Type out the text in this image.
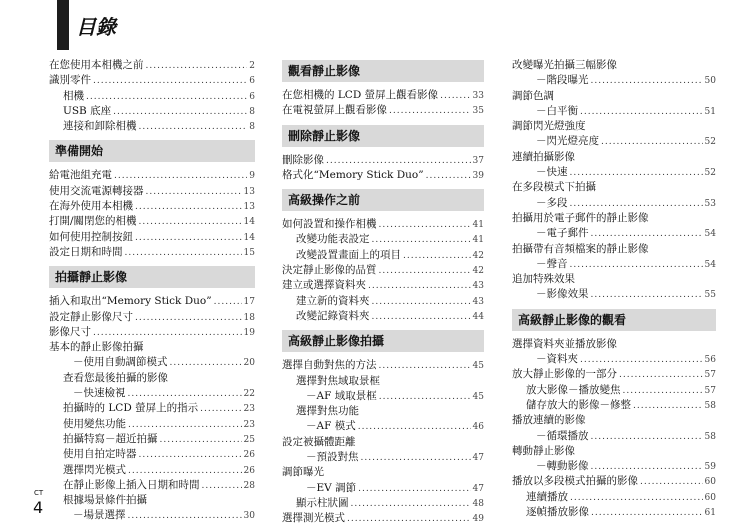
目錄
在您使用本相機之前 .....	2
識別零件 .....	6
相機 .....	6
USB 底座 .....	8
連接和卸除相機 .....	8
準備開始
給電池組充電 .....	9
使用交流電源轉接器 .....	13
在海外使用本相機 .....	13
打開/關閉您的相機 .....	14
如何使用控制按鈕 .....	14
設定日期和時間 .....	15
拍攝靜止影像
插入和取出“Memory Stick Duo” .....	17
設定靜止影像尺寸 .....	18
影像尺寸 .....	19
基本的靜止影像拍攝
－使用自動調節模式 .....	20
查看您最後拍攝的影像
－快速檢視 .....	22
拍攝時的 LCD 螢屏上的指示 .....	23
使用變焦功能 .....	23
拍攝特寫－超近拍攝 .....	25
使用自拍定時器 .....	26
選擇閃光模式 .....	26
在靜止影像上插入日期和時間 .....	28
根據場景條件拍攝
－場景選擇 .....	30
觀看靜止影像
在您相機的 LCD 螢屏上觀看影像 .....	33
在電視螢屏上觀看影像 .....	35
刪除靜止影像
刪除影像 .....	37
格式化“Memory Stick Duo” .....	39
高級操作之前
如何設置和操作相機 .....	41
改變功能表設定 .....	41
改變設置畫面上的項目 .....	42
決定靜止影像的品質 .....	42
建立或選擇資料夾 .....	43
建立新的資料夾 .....	43
改變記錄資料夾 .....	44
高級靜止影像拍攝
選擇自動對焦的方法 .....	45
選擇對焦域取景框
－AF 域取景框 .....	45
選擇對焦功能
－AF 模式 .....	46
設定被攝體距離
－預設對焦 .....	47
調節曝光
－EV 調節 .....	47
顯示柱狀圖 .....	48
選擇測光模式 .....	49
改變曝光拍攝三幅影像
－階段曝光 .....	50
調節色調
－白平衡 .....	51
調節閃光燈強度
－閃光燈亮度 .....	52
連續拍攝影像
－快速 .....	52
在多段模式下拍攝
－多段 .....	53
拍攝用於電子郵件的靜止影像
－電子郵件 .....	54
拍攝帶有音頻檔案的靜止影像
－聲音 .....	54
追加特殊效果
－影像效果 .....	55
高級靜止影像的觀看
選擇資料夾並播放影像
－資料夾 .....	56
放大靜止影像的一部分 .....	57
放大影像－播放變焦 .....	57
儲存放大的影像－修整 .....	58
播放連續的影像
－循環播放 .....	58
轉動靜止影像
－轉動影像 .....	59
播放以多段模式拍攝的影像 .....	60
連續播放 .....	60
逐幀播放影像 .....	61
CT
4
